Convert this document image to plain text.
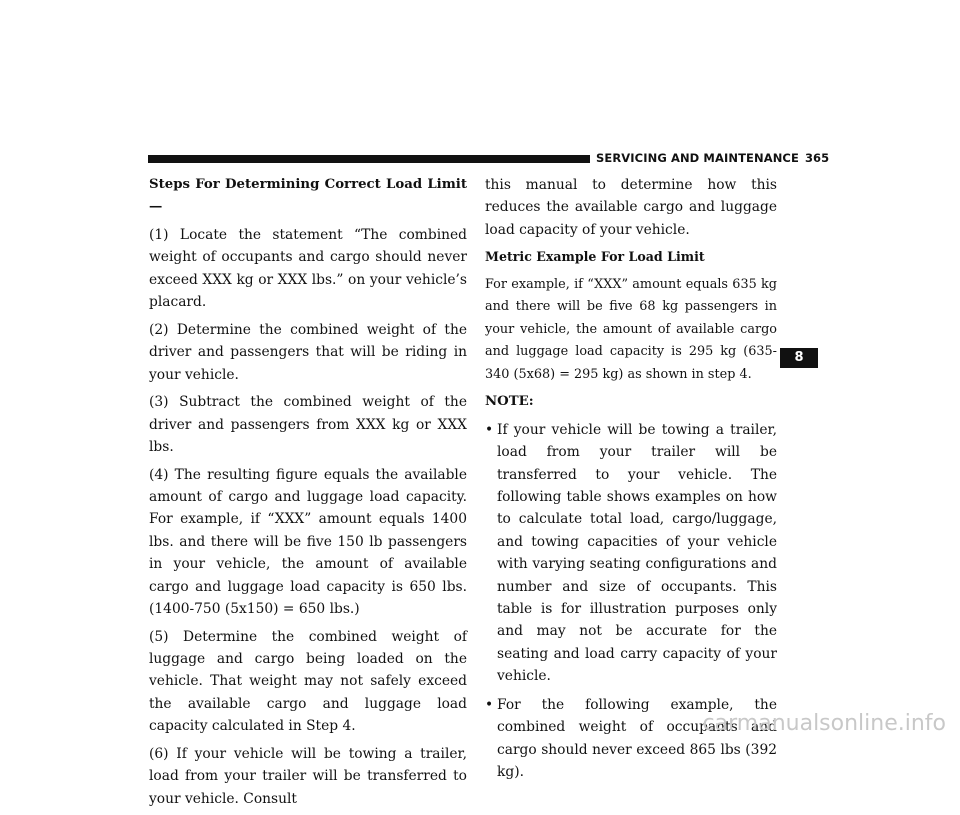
SERVICING AND MAINTENANCE 365

Steps For Determining Correct Load Limit—

(1) Locate the statement “The combined weight of occupants and cargo should never exceed XXX kg or XXX lbs.” on your vehicle’s placard.

(2) Determine the combined weight of the driver and passengers that will be riding in your vehicle.

(3) Subtract the combined weight of the driver and passengers from XXX kg or XXX lbs.

(4) The resulting figure equals the available amount of cargo and luggage load capacity. For example, if “XXX” amount equals 1400 lbs. and there will be five 150 lb passengers in your vehicle, the amount of available cargo and luggage load capacity is 650 lbs. (1400-750 (5x150) = 650 lbs.)

(5) Determine the combined weight of luggage and cargo being loaded on the vehicle. That weight may not safely exceed the available cargo and luggage load capacity calculated in Step 4.

(6) If your vehicle will be towing a trailer, load from your trailer will be transferred to your vehicle. Consult

this manual to determine how this reduces the available cargo and luggage load capacity of your vehicle.

Metric Example For Load Limit

For example, if “XXX” amount equals 635 kg and there will be five 68 kg passengers in your vehicle, the amount of available cargo and luggage load capacity is 295 kg (635-340 (5x68) = 295 kg) as shown in step 4.

NOTE:

• If your vehicle will be towing a trailer, load from your trailer will be transferred to your vehicle. The following table shows examples on how to calculate total load, cargo/luggage, and towing capacities of your vehicle with varying seating configurations and number and size of occupants. This table is for illustration purposes only and may not be accurate for the seating and load carry capacity of your vehicle.
• For the following example, the combined weight of occupants and cargo should never exceed 865 lbs (392 kg).
8
carmanualsonline.info
